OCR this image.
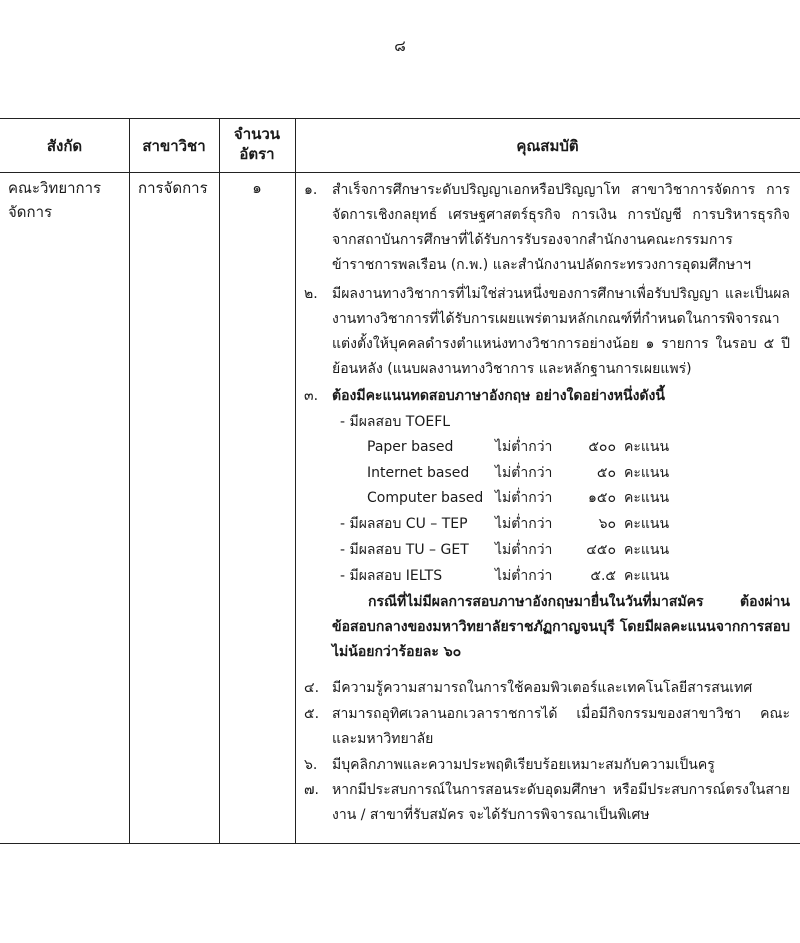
๘
สังกัด	สาขาวิชา
จำนวน
อัตรา	คุณสมบัติ
คณะวิทยาการ
จัดการ
การจัดการ	๑	๑.	สำเร็จการศึกษาระดับปริญญาเอกหรือปริญญาโท สาขาวิชาการจัดการ การจัดการเชิงกลยุทธ์ เศรษฐศาสตร์ธุรกิจ การเงิน การบัญชี การบริหารธุรกิจ จากสถาบันการศึกษาที่ได้รับการรับรองจากสำนักงานคณะกรรมการข้าราชการพลเรือน (ก.พ.) และสำนักงานปลัดกระทรวงการอุดมศึกษาฯ
๒.	มีผลงานทางวิชาการที่ไม่ใช่ส่วนหนึ่งของการศึกษาเพื่อรับปริญญา และเป็นผลงานทางวิชาการที่ได้รับการเผยแพร่ตามหลักเกณฑ์ที่กำหนดในการพิจารณาแต่งตั้งให้บุคคลดำรงตำแหน่งทางวิชาการอย่างน้อย ๑ รายการ ในรอบ ๕ ปีย้อนหลัง (แนบผลงานทางวิชาการ และหลักฐานการเผยแพร่)
๓. ต้องมีคะแนนทดสอบภาษาอังกฤษ อย่างใดอย่างหนึ่งดังนี้
- มีผลสอบ TOEFL
Paper based	ไม่ต่ำกว่า	๕๐๐ คะแนน
Internet based ไม่ต่ำกว่า	๕๐ คะแนน
Computer based ไม่ต่ำกว่า	๑๕๐ คะแนน
- มีผลสอบ CU – TEP ไม่ต่ำกว่า	๖๐ คะแนน
- มีผลสอบ TU – GET ไม่ต่ำกว่า	๔๕๐ คะแนน
- มีผลสอบ IELTS	ไม่ต่ำกว่า	๕.๕ คะแนน
กรณีที่ไม่มีผลการสอบภาษาอังกฤษมายื่นในวันที่มาสมัคร ต้องผ่านข้อสอบกลางของมหาวิทยาลัยราชภัฏกาญจนบุรี โดยมีผลคะแนนจากการสอบไม่น้อยกว่าร้อยละ ๖๐
๔. มีความรู้ความสามารถในการใช้คอมพิวเตอร์และเทคโนโลยีสารสนเทศ
๕. สามารถอุทิศเวลานอกเวลาราชการได้ เมื่อมีกิจกรรมของสาขาวิชา คณะ และมหาวิทยาลัย
๖.	มีบุคลิกภาพและความประพฤติเรียบร้อยเหมาะสมกับความเป็นครู
๗. หากมีประสบการณ์ในการสอนระดับอุดมศึกษา หรือมีประสบการณ์ตรงในสายงาน / สาขาที่รับสมัคร จะได้รับการพิจารณาเป็นพิเศษ
